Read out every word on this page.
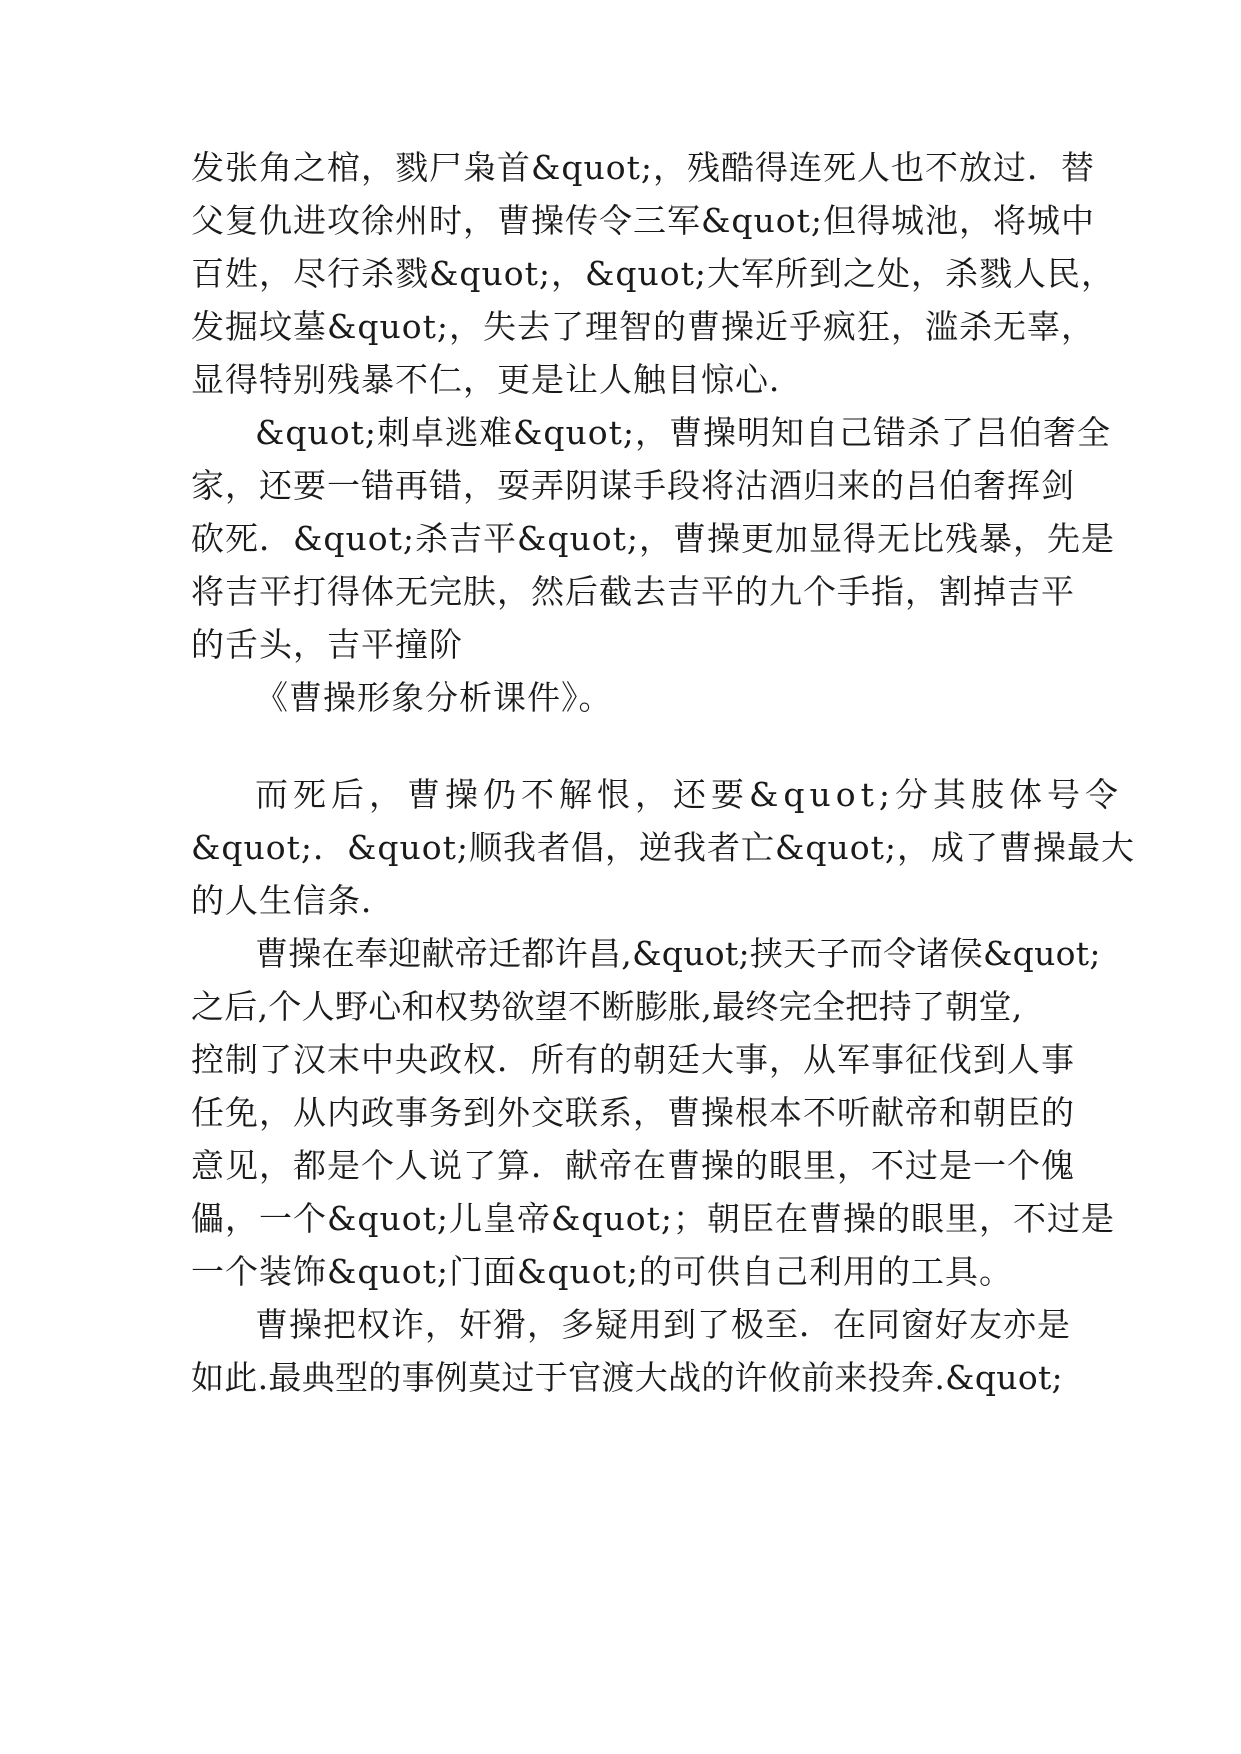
发张角之棺，戮尸枭首&quot;，残酷得连死人也不放过．替
父复仇进攻徐州时，曹操传令三军&quot;但得城池，将城中
百姓，尽行杀戮&quot;，&quot;大军所到之处，杀戮人民，
发掘坟墓&quot;，失去了理智的曹操近乎疯狂，滥杀无辜，
显得特别残暴不仁，更是让人触目惊心．
&quot;刺卓逃难&quot;，曹操明知自己错杀了吕伯奢全
家，还要一错再错，耍弄阴谋手段将沽酒归来的吕伯奢挥剑
砍死．&quot;杀吉平&quot;，曹操更加显得无比残暴，先是
将吉平打得体无完肤，然后截去吉平的九个手指，割掉吉平
的舌头，吉平撞阶
《曹操形象分析课件》。
而死后，曹操仍不解恨，还要&quot;分其肢体号令
&quot;．&quot;顺我者倡，逆我者亡&quot;，成了曹操最大
的人生信条．
曹操在奉迎献帝迁都许昌,&quot;挟天子而令诸侯&quot;
之后,个人野心和权势欲望不断膨胀,最终完全把持了朝堂,
控制了汉末中央政权．所有的朝廷大事，从军事征伐到人事
任免，从内政事务到外交联系，曹操根本不听献帝和朝臣的
意见，都是个人说了算．献帝在曹操的眼里，不过是一个傀
儡，一个&quot;儿皇帝&quot;；朝臣在曹操的眼里，不过是
一个装饰&quot;门面&quot;的可供自己利用的工具。
曹操把权诈，奸猾，多疑用到了极至．在同窗好友亦是
如此.最典型的事例莫过于官渡大战的许攸前来投奔.&quot;
